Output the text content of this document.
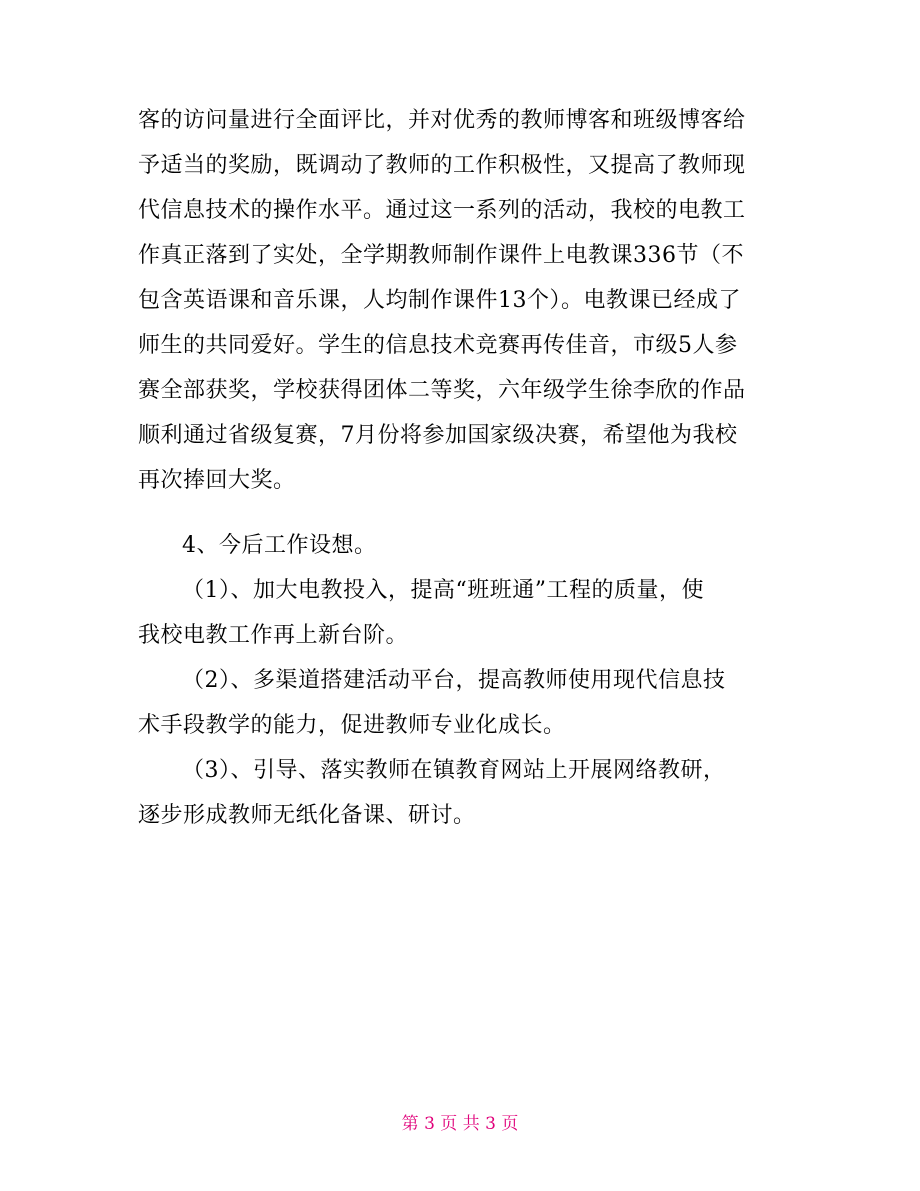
客的访问量进行全面评比，并对优秀的教师博客和班级博客给
予适当的奖励，既调动了教师的工作积极性，又提高了教师现
代信息技术的操作水平。通过这一系列的活动，我校的电教工
作真正落到了实处，全学期教师制作课件上电教课336节（不
包含英语课和音乐课，人均制作课件13个）。电教课已经成了
师生的共同爱好。学生的信息技术竞赛再传佳音，市级5人参
赛全部获奖，学校获得团体二等奖，六年级学生徐李欣的作品
顺利通过省级复赛，7月份将参加国家级决赛，希望他为我校
再次捧回大奖。
4、今后工作设想。
（1）、加大电教投入，提高“班班通”工程的质量，使
我校电教工作再上新台阶。
（2）、多渠道搭建活动平台，提高教师使用现代信息技
术手段教学的能力，促进教师专业化成长。
（3）、引导、落实教师在镇教育网站上开展网络教研，
逐步形成教师无纸化备课、研讨。
第 3 页 共 3 页
